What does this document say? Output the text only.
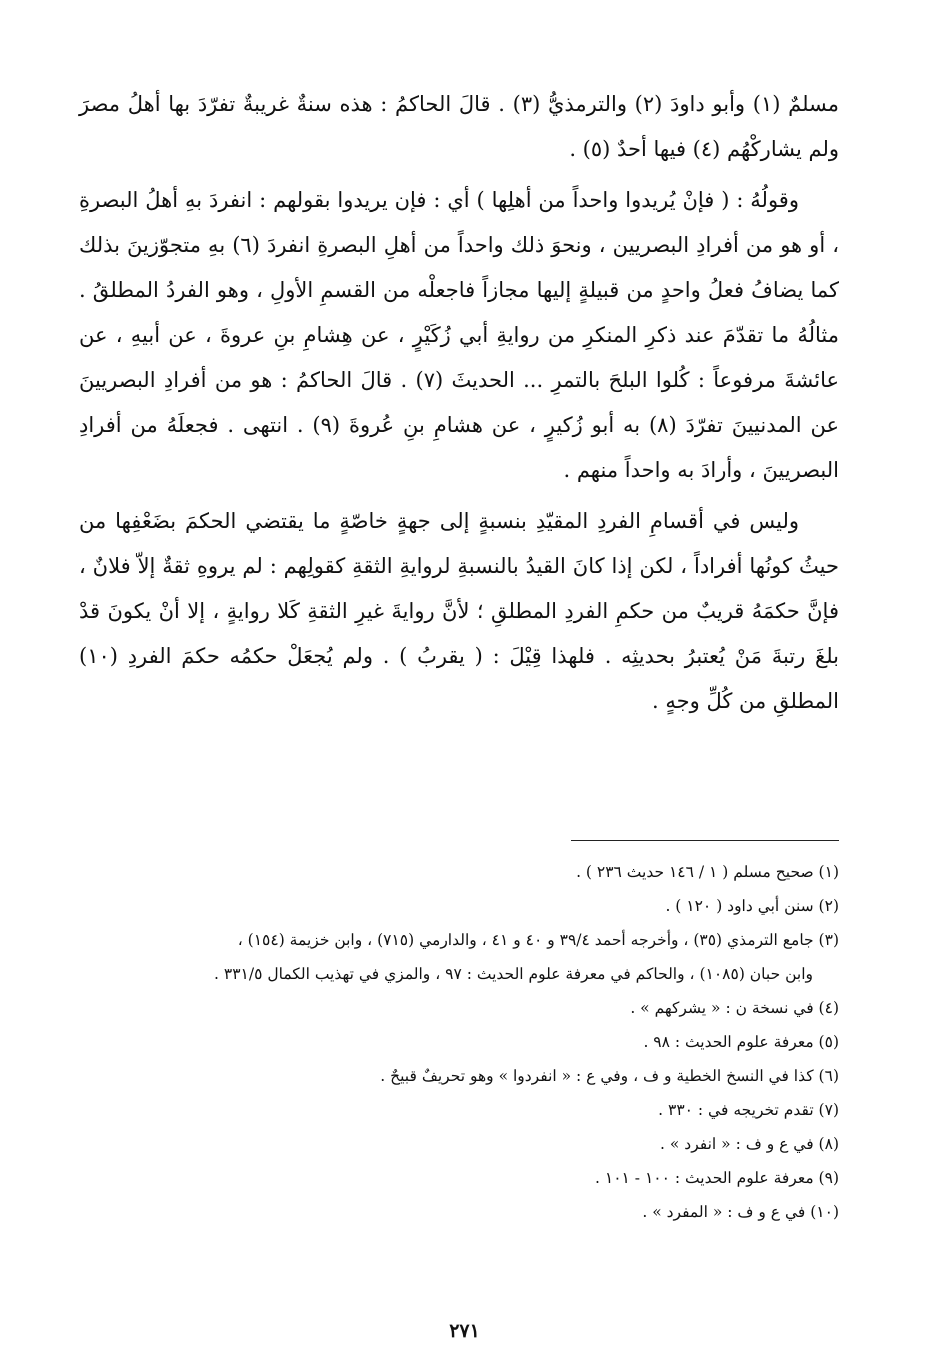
مسلمٌ (١) وأبو داودَ (٢) والترمذيُّ (٣) . قالَ الحاكمُ : هذه سنةٌ غريبةٌ تفرّدَ بها أهلُ مصرَ ولم يشاركْهُم (٤) فيها أحدٌ (٥) .

وقولُهُ : ( فإنْ يُريدوا واحداً من أهلِها ) أي : فإن يريدوا بقولهم : انفردَ بهِ أهلُ البصرةِ ، أو هو من أفرادِ البصريين ، ونحوَ ذلك واحداً من أهلِ البصرةِ انفردَ (٦) بهِ متجوّزينَ بذلك كما يضافُ فعلُ واحدٍ من قبيلةٍ إليها مجازاً فاجعلْه من القسمِ الأولِ ، وهو الفردُ المطلقُ . مثالُهُ ما تقدّمَ عند ذكرِ المنكرِ من روايةِ أبي زُكَيْرٍ ، عن هِشامِ بنِ عروةَ ، عن أبيهِ ، عن عائشةَ مرفوعاً : كُلوا البلحَ بالتمرِ ... الحديثَ (٧) . قالَ الحاكمُ : هو من أفرادِ البصريينَ عن المدنيينَ تفرّدَ (٨) به أبو زُكيرٍ ، عن هشامِ بنِ عُروةَ (٩) . انتهى . فجعلَهُ من أفرادِ البصريينَ ، وأرادَ به واحداً منهم .

وليس في أقسامِ الفردِ المقيّدِ بنسبةٍ إلى جهةٍ خاصّةٍ ما يقتضي الحكمَ بضَعْفِها من حيثُ كونُها أفراداً ، لكن إذا كانَ القيدُ بالنسبةِ لروايةِ الثقةِ كقولِهم : لم يروهِ ثقةٌ إلاّ فلانٌ ، فإنَّ حكمَهُ قريبٌ من حكمِ الفردِ المطلقِ ؛ لأنَّ روايةَ غيرِ الثقةِ كَلا روايةٍ ، إلا أنْ يكونَ قدْ بلغَ رتبةَ مَنْ يُعتبرُ بحديثِه . فلهذا قِيْلَ : ( يقربُ ) . ولم يُجعَلْ حكمُه حكمَ الفردِ (١٠) المطلقِ من كُلِّ وجهٍ .

(١) صحيح مسلم ( ١ / ١٤٦ حديث ٢٣٦ ) .

(٢) سنن أبي داود ( ١٢٠ ) .

(٣) جامع الترمذي (٣٥) ، وأخرجه أحمد ٣٩/٤ و ٤٠ و ٤١ ، والدارمي (٧١٥) ، وابن خزيمة (١٥٤) ،

وابن حبان (١٠٨٥) ، والحاكم في معرفة علوم الحديث : ٩٧ ، والمزي في تهذيب الكمال ٣٣١/٥ .

(٤) في نسخة ن : « يشركهم » .

(٥) معرفة علوم الحديث : ٩٨ .

(٦) كذا في النسخ الخطية و ف ، وفي ع : « انفردوا » وهو تحريفٌ قبيحٌ .

(٧) تقدم تخريجه في : ٣٣٠ .

(٨) في ع و ف : « انفرد » .

(٩) معرفة علوم الحديث : ١٠٠ - ١٠١ .

(١٠) في ع و ف : « المفرد » .

٢٧١
